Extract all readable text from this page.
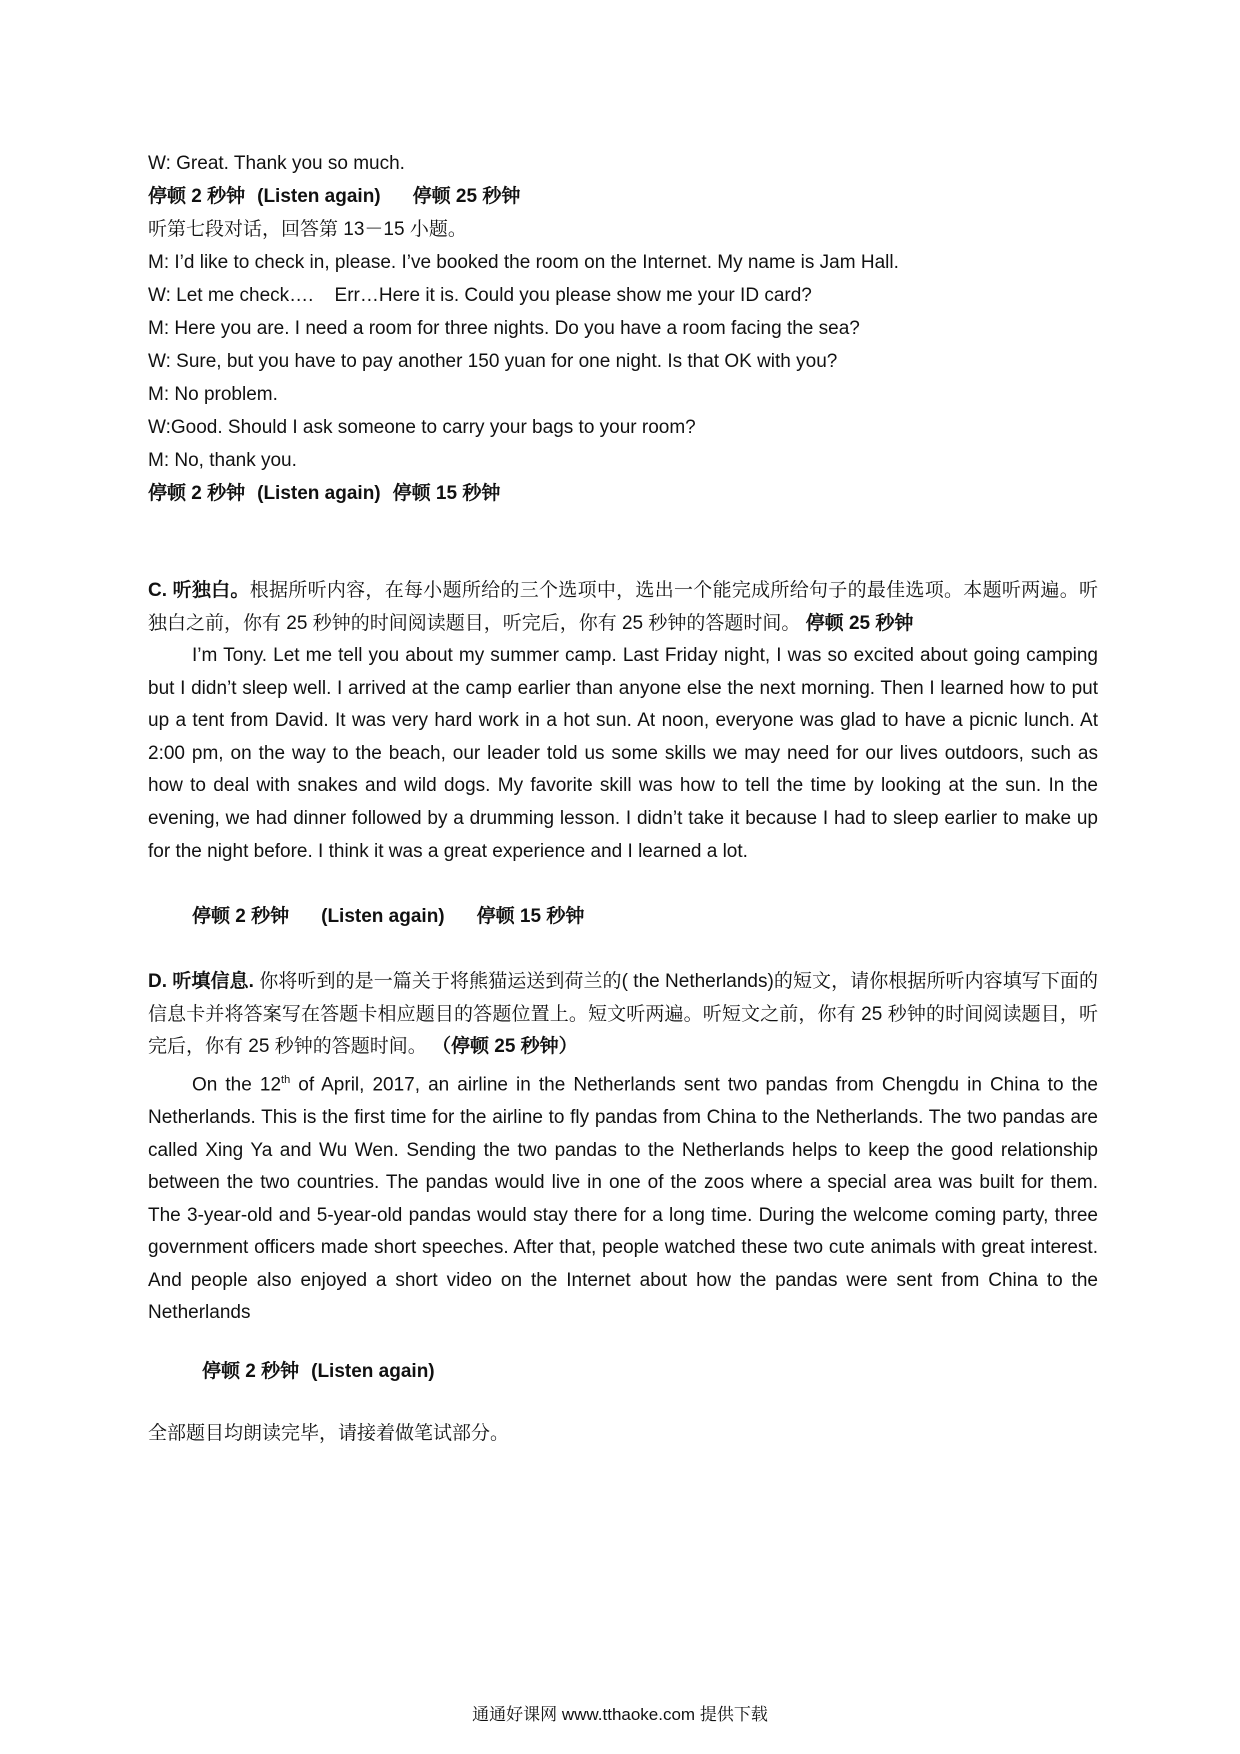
W: Great. Thank you so much.
停顿 2 秒钟 (Listen again) 停顿 25 秒钟
听第七段对话，回答第 13－15 小题。
M: I’d like to check in, please. I’ve booked the room on the Internet. My name is Jam Hall.
W: Let me check….    Err…Here it is. Could you please show me your ID card?
M: Here you are. I need a room for three nights. Do you have a room facing the sea?
W: Sure, but you have to pay another 150 yuan for one night. Is that OK with you?
M: No problem.
W:Good. Should I ask someone to carry your bags to your room?
M: No, thank you.
停顿 2 秒钟 (Listen again) 停顿 15 秒钟
C. 听独白。根据所听内容，在每小题所给的三个选项中，选出一个能完成所给句子的最佳选项。本题听两遍。听独白之前，你有 25 秒钟的时间阅读题目，听完后，你有 25 秒钟的答题时间。 停顿 25 秒钟
I’m Tony. Let me tell you about my summer camp. Last Friday night, I was so excited about going camping but I didn’t sleep well. I arrived at the camp earlier than anyone else the next morning. Then I learned how to put up a tent from David. It was very hard work in a hot sun. At noon, everyone was glad to have a picnic lunch. At 2:00 pm, on the way to the beach, our leader told us some skills we may need for our lives outdoors, such as how to deal with snakes and wild dogs. My favorite skill was how to tell the time by looking at the sun. In the evening, we had dinner followed by a drumming lesson. I didn’t take it because I had to sleep earlier to make up for the night before. I think it was a great experience and I learned a lot.
停顿 2 秒钟 (Listen again) 停顿 15 秒钟
D. 听填信息. 你将听到的是一篇关于将熊猫运送到荷兰的( the Netherlands)的短文，请你根据所听内容填写下面的信息卡并将答案写在答题卡相应题目的答题位置上。短文听两遍。听短文之前，你有 25 秒钟的时间阅读题目，听完后，你有 25 秒钟的答题时间。 （停顿 25 秒钟）
On the 12th of April, 2017, an airline in the Netherlands sent two pandas from Chengdu in China to the Netherlands. This is the first time for the airline to fly pandas from China to the Netherlands. The two pandas are called Xing Ya and Wu Wen. Sending the two pandas to the Netherlands helps to keep the good relationship between the two countries. The pandas would live in one of the zoos where a special area was built for them. The 3-year-old and 5-year-old pandas would stay there for a long time. During the welcome coming party, three government officers made short speeches. After that, people watched these two cute animals with great interest. And people also enjoyed a short video on the Internet about how the pandas were sent from China to the Netherlands
停顿 2 秒钟 (Listen again)
全部题目均朗读完毕，请接着做笔试部分。
通通好课网 www.tthaoke.com 提供下载
